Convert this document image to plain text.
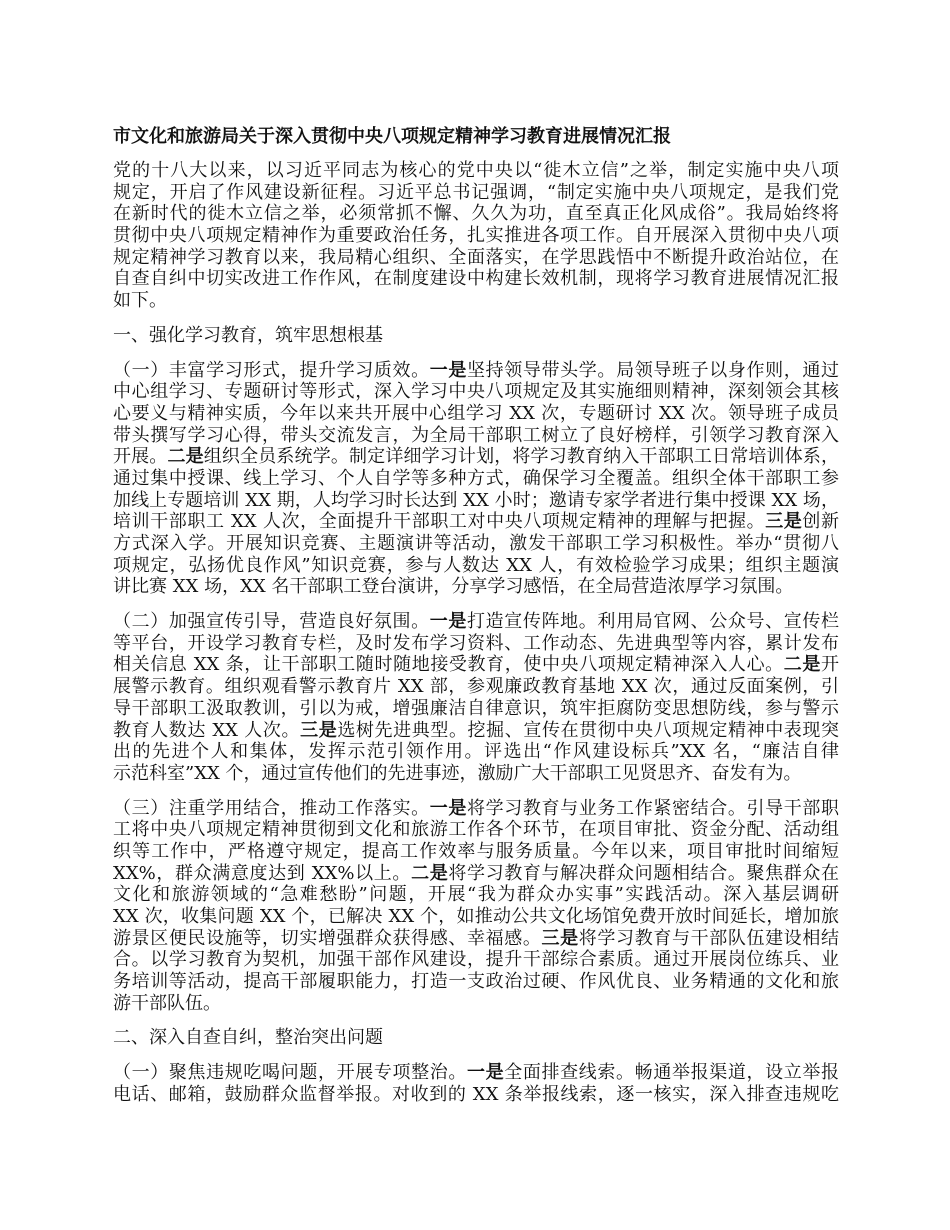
市文化和旅游局关于深入贯彻中央八项规定精神学习教育进展情况汇报
党的十八大以来，以习近平同志为核心的党中央以“徙木立信”之举，制定实施中央八项
规定，开启了作风建设新征程。习近平总书记强调，“制定实施中央八项规定，是我们党
在新时代的徙木立信之举，必须常抓不懈、久久为功，直至真正化风成俗”。我局始终将
贯彻中央八项规定精神作为重要政治任务，扎实推进各项工作。自开展深入贯彻中央八项
规定精神学习教育以来，我局精心组织、全面落实，在学思践悟中不断提升政治站位，在
自查自纠中切实改进工作作风，在制度建设中构建长效机制，现将学习教育进展情况汇报
如下。
一、强化学习教育，筑牢思想根基
（一）丰富学习形式，提升学习质效。一是坚持领导带头学。局领导班子以身作则，通过
中心组学习、专题研讨等形式，深入学习中央八项规定及其实施细则精神，深刻领会其核
心要义与精神实质，今年以来共开展中心组学习 XX 次，专题研讨 XX 次。领导班子成员
带头撰写学习心得，带头交流发言，为全局干部职工树立了良好榜样，引领学习教育深入
开展。二是组织全员系统学。制定详细学习计划，将学习教育纳入干部职工日常培训体系，
通过集中授课、线上学习、个人自学等多种方式，确保学习全覆盖。组织全体干部职工参
加线上专题培训 XX 期，人均学习时长达到 XX 小时；邀请专家学者进行集中授课 XX 场，
培训干部职工 XX 人次，全面提升干部职工对中央八项规定精神的理解与把握。三是创新
方式深入学。开展知识竞赛、主题演讲等活动，激发干部职工学习积极性。举办“贯彻八
项规定，弘扬优良作风”知识竞赛，参与人数达 XX 人，有效检验学习成果；组织主题演
讲比赛 XX 场，XX 名干部职工登台演讲，分享学习感悟，在全局营造浓厚学习氛围。
（二）加强宣传引导，营造良好氛围。一是打造宣传阵地。利用局官网、公众号、宣传栏
等平台，开设学习教育专栏，及时发布学习资料、工作动态、先进典型等内容，累计发布
相关信息 XX 条，让干部职工随时随地接受教育，使中央八项规定精神深入人心。二是开
展警示教育。组织观看警示教育片 XX 部，参观廉政教育基地 XX 次，通过反面案例，引
导干部职工汲取教训，引以为戒，增强廉洁自律意识，筑牢拒腐防变思想防线，参与警示
教育人数达 XX 人次。三是选树先进典型。挖掘、宣传在贯彻中央八项规定精神中表现突
出的先进个人和集体，发挥示范引领作用。评选出“作风建设标兵”XX 名，“廉洁自律
示范科室”XX 个，通过宣传他们的先进事迹，激励广大干部职工见贤思齐、奋发有为。
（三）注重学用结合，推动工作落实。一是将学习教育与业务工作紧密结合。引导干部职
工将中央八项规定精神贯彻到文化和旅游工作各个环节，在项目审批、资金分配、活动组
织等工作中，严格遵守规定，提高工作效率与服务质量。今年以来，项目审批时间缩短
XX%，群众满意度达到 XX%以上。二是将学习教育与解决群众问题相结合。聚焦群众在
文化和旅游领域的“急难愁盼”问题，开展“我为群众办实事”实践活动。深入基层调研
XX 次，收集问题 XX 个，已解决 XX 个，如推动公共文化场馆免费开放时间延长，增加旅
游景区便民设施等，切实增强群众获得感、幸福感。三是将学习教育与干部队伍建设相结
合。以学习教育为契机，加强干部作风建设，提升干部综合素质。通过开展岗位练兵、业
务培训等活动，提高干部履职能力，打造一支政治过硬、作风优良、业务精通的文化和旅
游干部队伍。
二、深入自查自纠，整治突出问题
（一）聚焦违规吃喝问题，开展专项整治。一是全面排查线索。畅通举报渠道，设立举报
电话、邮箱，鼓励群众监督举报。对收到的 XX 条举报线索，逐一核实，深入排查违规吃
